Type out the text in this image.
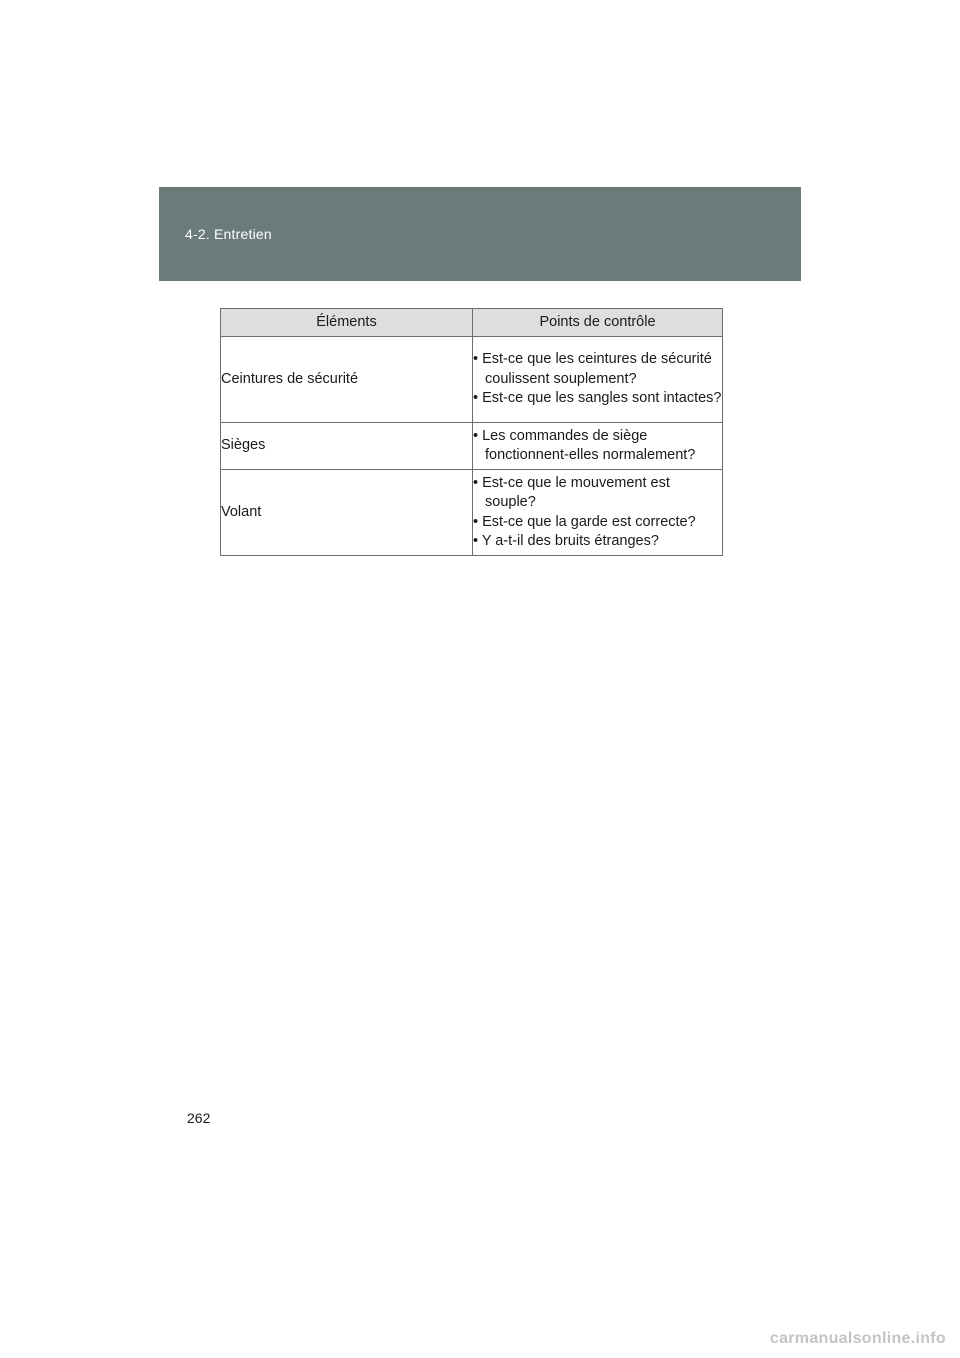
4-2. Entretien
Éléments	Points de contrôle
Ceintures de sécurité	• Est-ce que les ceintures de sécurité coulissent souplement?
• Est-ce que les sangles sont intactes?

Sièges	• Les commandes de siège fonctionnent-elles normalement?

Volant	• Est-ce que le mouvement est souple?
• Est-ce que la garde est correcte?
• Y a-t-il des bruits étranges?
262
carmanualsonline.info
